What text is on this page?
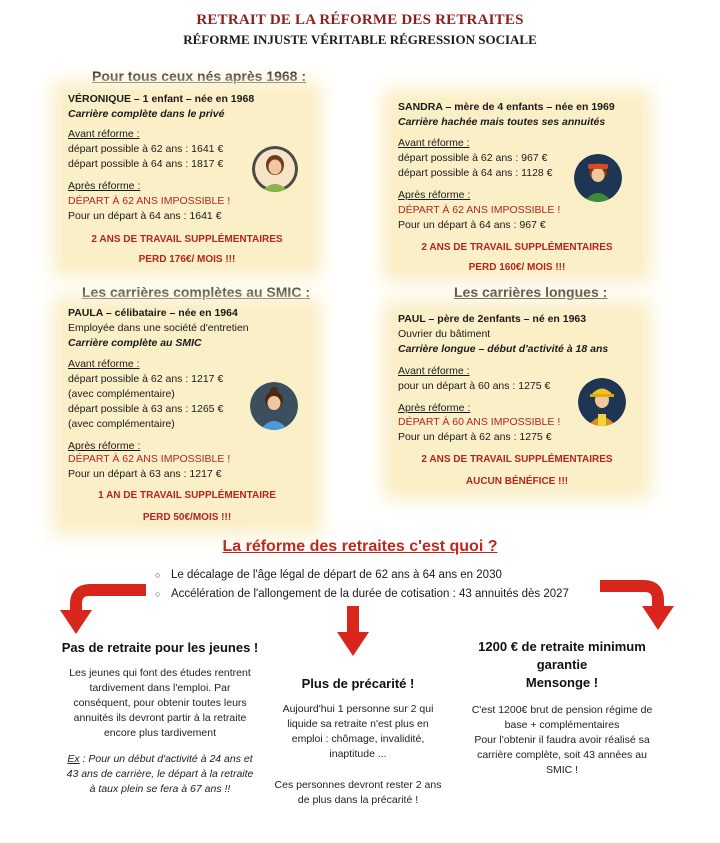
RETRAIT DE LA RÉFORME DES RETRAITES
RÉFORME INJUSTE VÉRITABLE RÉGRESSION SOCIALE
Pour tous ceux nés après 1968 :
Les carrières complètes au SMIC :	Les carrières longues :
VÉRONIQUE – 1 enfant – née en 1968
Carrière complète dans le privé
Avant réforme :
départ possible à 62 ans : 1641 €
départ possible à 64 ans : 1817 €
Après réforme :
DÉPART À 62 ANS IMPOSSIBLE !
Pour un départ à 64 ans : 1641 €
2 ANS DE TRAVAIL SUPPLÉMENTAIRES
PERD 176€/ MOIS !!!
SANDRA – mère de 4 enfants – née en 1969
Carrière hachée mais toutes ses annuités
Avant réforme :
départ possible à 62 ans : 967 €
départ possible à 64 ans : 1128 €
Après réforme :
DÉPART À 62 ANS IMPOSSIBLE !
Pour un départ à 64 ans : 967 €
2 ANS DE TRAVAIL SUPPLÉMENTAIRES
PERD 160€/ MOIS !!!
PAULA – célibataire – née en 1964
Employée dans une société d'entretien
Carrière complète au SMIC
Avant réforme :
départ possible à 62 ans : 1217 €
(avec complémentaire)
départ possible à 63 ans : 1265 €
(avec complémentaire)
Après réforme :
DÉPART À 62 ANS IMPOSSIBLE !
Pour un départ à 63 ans : 1217 €
1 AN DE TRAVAIL SUPPLÉMENTAIRE
PERD 50€/MOIS !!!
PAUL – père de 2enfants – né en 1963
Ouvrier du bâtiment
Carrière longue – début d'activité à 18 ans
Avant réforme :
pour un départ à 60 ans : 1275 €
Après réforme :
DÉPART À 60 ANS IMPOSSIBLE !
Pour un départ à 62 ans : 1275 €
2 ANS DE TRAVAIL SUPPLÉMENTAIRES
AUCUN BÉNÉFICE !!!
La réforme des retraites c'est quoi ?
○ Le décalage de l'âge légal de départ de 62 ans à 64 ans en 2030
○ Accélération de l'allongement de la durée de cotisation : 43 annuités dès 2027
Pas de retraite pour les jeunes !
Les jeunes qui font des études rentrent
tardivement dans l'emploi. Par
conséquent, pour obtenir toutes leurs
annuités ils devront partir à la retraite
encore plus tardivement
Ex : Pour un début d'activité à 24 ans et
43 ans de carrière, le départ à la retraite
à taux plein se fera à 67 ans !!
Plus de précarité !
Aujourd'hui 1 personne sur 2 qui
liquide sa retraite n'est plus en
emploi : chômage, invalidité,
inaptitude ...
Ces personnes devront rester 2 ans
de plus dans la précarité !
1200 € de retraite minimum
garantie
Mensonge !
C'est 1200€ brut de pension régime de
base + complémentaires
Pour l'obtenir il faudra avoir réalisé sa
carrière complète, soit 43 années au
SMIC !
